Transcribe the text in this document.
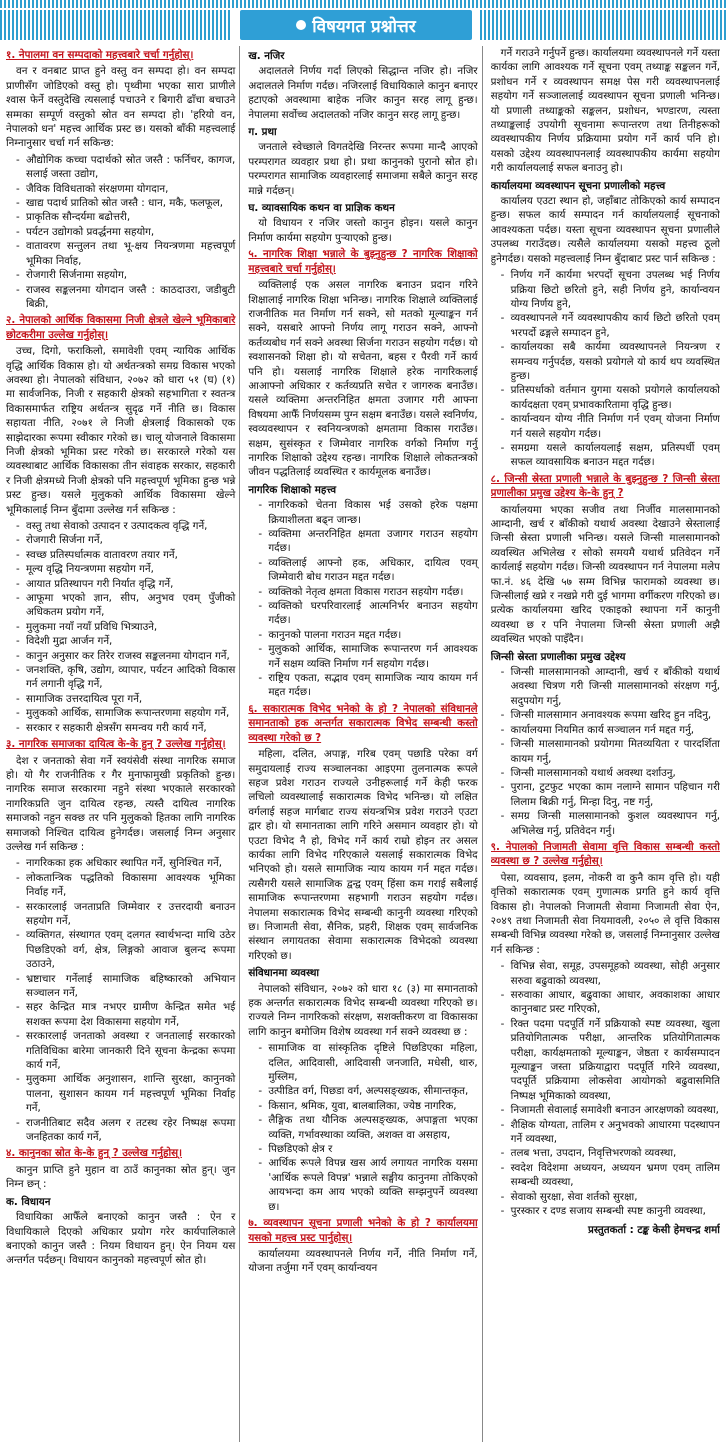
विषयगत प्रश्नोत्तर

१. नेपालमा वन सम्पदाको महत्त्वबारे चर्चा गर्नुहोस्।

वन र वनबाट प्राप्त हुने वस्तु वन सम्पदा हो। वन सम्पदा प्राणीसँग जोडिएको वस्तु हो। पृथ्वीमा भएका सारा प्राणीले श्वास फेर्ने वस्तुदेखि त्यसलाई पचाउने र बिगारी ढाँचा बचाउने सम्मका सम्पूर्ण वस्तुको स्रोत वन सम्पदा हो। 'हरियो वन, नेपालको धन' महत्त्व आर्थिक प्रस्ट छ। यसको बाँकी महत्त्वलाई निम्नानुसार चर्चा गर्न सकिन्छ:

- औद्योगिक कच्चा पदार्थको स्रोत जस्तै : फर्निचर, कागज, सलाई जस्ता उद्योग,
- जैविक विविधताको संरक्षणमा योगदान,
- खाद्य पदार्थ प्रातिको स्रोत जस्तै : धान, मकै, फलफूल,
- प्राकृतिक सौन्दर्यमा बढोत्तरी,
- पर्यटन उद्योगको प्रवर्द्धनमा सहयोग,
- वातावरण सन्तुलन तथा भू-क्षय नियन्त्रणमा महत्त्वपूर्ण भूमिका निर्वाह,
- रोजगारी सिर्जनामा सहयोग,
- राजस्व सङ्कलनमा योगदान जस्तै : काठदाउरा, जडीबुटी बिक्री,

२. नेपालको आर्थिक विकासमा निजी क्षेत्रले खेल्ने भूमिकाबारे छोटकरीमा उल्लेख गर्नुहोस्।

उच्च, दिगो, फराकिलो, समावेशी एवम् न्यायिक आर्थिक वृद्धि आर्थिक विकास हो। यो अर्थतन्त्रको समग्र विकास भएको अवस्था हो। नेपालको संविधान, २०७२ को धारा ५१ (घ) (१) मा सार्वजनिक, निजी र सहकारी क्षेत्रको सहभागिता र स्वतन्त्र विकासमार्फत राष्ट्रिय अर्थतन्त्र सुदृढ गर्ने नीति छ। विकास सहायता नीति, २०७१ ले निजी क्षेत्रलाई विकासको एक साझेदारका रूपमा स्वीकार गरेको छ। चालू योजनाले विकासमा निजी क्षेत्रको भूमिका प्रस्ट गरेको छ। सरकारले गरेको यस व्यवस्थाबाट आर्थिक विकासका तीन संवाहक सरकार, सहकारी र निजी क्षेत्रमध्ये निजी क्षेत्रको पनि महत्त्वपूर्ण भूमिका हुन्छ भन्ने प्रस्ट हुन्छ। यसले मुलुकको आर्थिक विकासमा खेल्ने भूमिकालाई निम्न बुँदामा उल्लेख गर्न सकिन्छ :

- वस्तु तथा सेवाको उत्पादन र उत्पादकत्व वृद्धि गर्ने,
- रोजगारी सिर्जना गर्ने,
- स्वच्छ प्रतिस्पर्धात्मक वातावरण तयार गर्ने,
- मूल्य वृद्धि नियन्त्रणमा सहयोग गर्ने,
- आयात प्रतिस्थापन गरी निर्यात वृद्धि गर्ने,
- आफूमा भएको ज्ञान, सीप, अनुभव एवम् पुँजीको अधिकतम प्रयोग गर्ने,
- मुलुकमा नयाँ नयाँ प्रविधि भित्र्याउने,
- विदेशी मुद्रा आर्जन गर्ने,
- कानुन अनुसार कर तिरेर राजस्व सङ्कलनमा योगदान गर्ने,
- जनशक्ति, कृषि, उद्योग, व्यापार, पर्यटन आदिको विकास गर्न लगानी वृद्धि गर्ने,
- सामाजिक उत्तरदायित्व पूरा गर्ने,
- मुलुकको आर्थिक, सामाजिक रूपान्तरणमा सहयोग गर्ने,
- सरकार र सहकारी क्षेत्रसँग समन्वय गरी कार्य गर्ने,

३. नागरिक समाजका दायित्व के-के हुन् ? उल्लेख गर्नुहोस्।

देश र जनताको सेवा गर्ने स्वयंसेवी संस्था नागरिक समाज हो। यो गैर राजनीतिक र गैर मुनाफामुखी प्रकृतिको हुन्छ। नागरिक समाज सरकारमा नहुने संस्था भएकाले सरकारको नागरिकप्रति जुन दायित्व रहन्छ, त्यस्तै दायित्व नागरिक समाजको नहुन सक्छ तर पनि मुलुकको हितका लागि नागरिक समाजको निश्चित दायित्व हुनेगर्दछ। जसलाई निम्न अनुसार उल्लेख गर्न सकिन्छ :

- नागरिकका हक अधिकार स्थापित गर्ने, सुनिश्चित गर्ने,
- लोकतान्त्रिक पद्धतिको विकासमा आवश्यक भूमिका निर्वाह गर्ने,
- सरकारलाई जनताप्रति जिम्मेवार र उत्तरदायी बनाउन सहयोग गर्ने,
- व्यक्तिगत, संस्थागत एवम् दलगत स्वार्थभन्दा माथि उठेर पिछडिएको वर्ग, क्षेत्र, लिङ्गको आवाज बुलन्द रूपमा उठाउने,
- भ्रष्टाचार गर्नेलाई सामाजिक बहिष्कारको अभियान सञ्चालन गर्ने,
- सहर केन्द्रित मात्र नभएर ग्रामीण केन्द्रित समेत भई सशक्त रूपमा देश विकासमा सहयोग गर्ने,
- सरकारलाई जनताको अवस्था र जनतालाई सरकारको गतिविधिका बारेमा जानकारी दिने सूचना केन्द्रका रूपमा कार्य गर्ने,
- मुलुकमा आर्थिक अनुशासन, शान्ति सुरक्षा, कानुनको पालना, सुशासन कायम गर्न महत्त्वपूर्ण भूमिका निर्वाह गर्ने,
- राजनीतिबाट सदैव अलग र तटस्थ रहेर निष्पक्ष रूपमा जनहितका कार्य गर्ने,

४. कानुनका स्रोत के-के हुन् ? उल्लेख गर्नुहोस्।

कानुन प्राप्ति हुने मुहान वा ठाउँ कानुनका स्रोत हुन्। जुन निम्न छन् :

क. विधायन

विधायिका आफैँले बनाएको कानुन जस्तै : ऐन र विधायिकाले दिएको अधिकार प्रयोग गरेर कार्यपालिकाले बनाएको कानुन जस्तै : नियम विधायन हुन्। ऐन नियम यस अन्तर्गत पर्दछन्। विधायन कानुनको महत्त्वपूर्ण स्रोत हो।

ख. नजिर

अदालतले निर्णय गर्दा लिएको सिद्धान्त नजिर हो। नजिर अदालतले निर्माण गर्दछ। नजिरलाई विधायिकाले कानुन बनाएर हटाएको अवस्थामा बाहेक नजिर कानुन सरह लागू हुन्छ। नेपालमा सर्वोच्च अदालतको नजिर कानुन सरह लागू हुन्छ।

ग. प्रथा

जनताले स्वेच्छाले विगतदेखि निरन्तर रूपमा मान्दै आएको परम्परागत व्यवहार प्रथा हो। प्रथा कानुनको पुरानो स्रोत हो। परम्परागत सामाजिक व्यवहारलाई समाजमा सबैले कानुन सरह मान्ने गर्दछन्।

घ. व्यावसायिक कथन वा प्राज्ञिक कथन

यो विधायन र नजिर जस्तो कानुन होइन। यसले कानुन निर्माण कार्यमा सहयोग पुऱ्याएको हुन्छ।

५. नागरिक शिक्षा भन्नाले के बुझ्नुहुन्छ ? नागरिक शिक्षाको महत्त्वबारे चर्चा गर्नुहोस्।

व्यक्तिलाई एक असल नागरिक बनाउन प्रदान गरिने शिक्षालाई नागरिक शिक्षा भनिन्छ। नागरिक शिक्षाले व्यक्तिलाई राजनीतिक मत निर्माण गर्न सक्ने, सो मतको मूल्याङ्कन गर्न सक्ने, यसबारे आफ्नो निर्णय लागू गराउन सक्ने, आफ्नो कर्तव्यबोध गर्न सक्ने अवस्था सिर्जना गराउन सहयोग गर्दछ। यो स्वशासनको शिक्षा हो। यो सचेतना, बहस र पैरवी गर्ने कार्य पनि हो। यसलाई नागरिक शिक्षाले हरेक नागरिकलाई आआफ्नो अधिकार र कर्तव्यप्रति सचेत र जागरुक बनाउँछ। यसले व्यक्तिमा अन्तरनिहित क्षमता उजागर गरी आफ्ना विषयमा आफैँ निर्णयसम्म पुग्न सक्षम बनाउँछ। यसले स्वनिर्णय, स्वव्यवस्थापन र स्वनियन्त्रणको क्षमतामा विकास गराउँछ। सक्षम, सुसंस्कृत र जिम्मेवार नागरिक वर्गको निर्माण गर्नु नागरिक शिक्षाको उद्देश्य रहन्छ। नागरिक शिक्षाले लोकतन्त्रको जीवन पद्धतिलाई व्यवस्थित र कार्यमूलक बनाउँछ।

नागरिक शिक्षाको महत्त्व

- नागरिकको चेतना विकास भई उसको हरेक पक्षमा क्रियाशीलता बढ्न जान्छ।
- व्यक्तिमा अन्तरनिहित क्षमता उजागर गराउन सहयोग गर्दछ।
- व्यक्तिलाई आफ्नो हक, अधिकार, दायित्व एवम् जिम्मेवारी बोध गराउन मद्दत गर्दछ।
- व्यक्तिको नेतृत्व क्षमता विकास गराउन सहयोग गर्दछ।
- व्यक्तिको घरपरिवारलाई आत्मनिर्भर बनाउन सहयोग गर्दछ।
- कानुनको पालना गराउन मद्दत गर्दछ।
- मुलुकको आर्थिक, सामाजिक रूपान्तरण गर्न आवश्यक गर्ने सक्षम व्यक्ति निर्माण गर्न सहयोग गर्दछ।
- राष्ट्रिय एकता, सद्भाव एवम् सामाजिक न्याय कायम गर्न मद्दत गर्दछ।

६. सकारात्मक विभेद भनेको के हो ? नेपालको संविधानले समानताको हक अन्तर्गत सकारात्मक विभेद सम्बन्धी कस्तो व्यवस्था गरेको छ ?

महिला, दलित, अपाङ्ग, गरिब एवम् पछाडि परेका वर्ग समुदायलाई राज्य सञ्चालनका आइएमा तुलनात्मक रूपले सहज प्रवेश गराउन राज्यले उनीहरूलाई गर्ने केही फरक लचिलो व्यवस्थालाई सकारात्मक विभेद भनिन्छ। यो लक्षित वर्गलाई सहज मार्गबाट राज्य संयन्त्रभित्र प्रवेश गराउने एउटा द्वार हो। यो समानताका लागि गरिने असमान व्यवहार हो। यो एउटा विभेद नै हो, विभेद गर्ने कार्य राम्रो होइन तर असल कार्यका लागि विभेद गरिएकाले यसलाई सकारात्मक विभेद भनिएको हो। यसले सामाजिक न्याय कायम गर्न मद्दत गर्दछ। त्यसैगरी यसले सामाजिक द्वन्द्व एवम् हिंसा कम गराई सबैलाई सामाजिक रूपान्तरणमा सहभागी गराउन सहयोग गर्दछ। नेपालमा सकारात्मक विभेद सम्बन्धी कानुनी व्यवस्था गरिएको छ। निजामती सेवा, सैनिक, प्रहरी, शिक्षक एवम् सार्वजनिक संस्थान लगायतका सेवामा सकारात्मक विभेदको व्यवस्था गरिएको छ।

संविधानमा व्यवस्था

नेपालको संविधान, २०७२ को धारा १८ (३) मा समानताको हक अन्तर्गत सकारात्मक विभेद सम्बन्धी व्यवस्था गरिएको छ। राज्यले निम्न नागरिकको संरक्षण, सशक्तीकरण वा विकासका लागि कानुन बमोजिम विशेष व्यवस्था गर्न सक्ने व्यवस्था छ :

- सामाजिक वा सांस्कृतिक दृष्टिले पिछडिएका महिला, दलित, आदिवासी, आदिवासी जनजाति, मधेसी, थारु, मुस्लिम,
- उत्पीडित वर्ग, पिछडा वर्ग, अल्पसङ्ख्यक, सीमान्तकृत,
- किसान, श्रमिक, युवा, बालबालिका, ज्येष्ठ नागरिक,
- लैङ्गिक तथा यौनिक अल्पसङ्ख्यक, अपाङ्गता भएका व्यक्ति, गर्भावस्थाका व्यक्ति, अशक्त वा असहाय,
- पिछडिएको क्षेत्र र
- आर्थिक रूपले विपन्न खस आर्य लगायत नागरिक यसमा 'आर्थिक रूपले विपन्न' भन्नाले सङ्घीय कानुनमा तोकिएको आयभन्दा कम आय भएको व्यक्ति सम्झनुपर्ने व्यवस्था छ।

७. व्यवस्थापन सूचना प्रणाली भनेको के हो ? कार्यालयमा यसको महत्त्व प्रस्ट पार्नुहोस्।

कार्यालयमा व्यवस्थापनले निर्णय गर्ने, नीति निर्माण गर्ने, योजना तर्जुमा गर्ने एवम् कार्यान्वयन

गर्ने गराउने गर्नुपर्ने हुन्छ। कार्यालयमा व्यवस्थापनले गर्ने यस्ता कार्यका लागि आवश्यक गर्ने सूचना एवम् तथ्याङ्क सङ्कलन गर्ने, प्रशोधन गर्ने र व्यवस्थापन समक्ष पेस गरी व्यवस्थापनलाई सहयोग गर्ने सञ्जाललाई व्यवस्थापन सूचना प्रणाली भनिन्छ। यो प्रणाली तथ्याङ्कको सङ्कलन, प्रशोधन, भण्डारण, त्यस्ता तथ्याङ्कलाई उपयोगी सूचनामा रूपान्तरण तथा तिनीहरूको व्यवस्थापकीय निर्णय प्रक्रियामा प्रयोग गर्ने कार्य पनि हो। यसको उद्देश्य व्यवस्थापनलाई व्यवस्थापकीय कार्यमा सहयोग गरी कार्यालयलाई सफल बनाउनु हो।

कार्यालयमा व्यवस्थापन सूचना प्रणालीको महत्त्व

कार्यालय एउटा स्थान हो, जहाँबाट तोकिएको कार्य सम्पादन हुन्छ। सफल कार्य सम्पादन गर्न कार्यालयलाई सूचनाको आवश्यकता पर्दछ। यस्ता सूचना व्यवस्थापन सूचना प्रणालीले उपलब्ध गराउँदछ। त्यसैले कार्यालयमा यसको महत्त्व ठूलो हुनेगर्दछ। यसको महत्त्वलाई निम्न बुँदाबाट प्रस्ट पार्न सकिन्छ :

- निर्णय गर्ने कार्यमा भरपर्दो सूचना उपलब्ध भई निर्णय प्रक्रिया छिटो छरितो हुने, सही निर्णय हुने, कार्यान्वयन योग्य निर्णय हुने,
- व्यवस्थापनले गर्ने व्यवस्थापकीय कार्य छिटो छरितो एवम् भरपर्दो ढङ्गले सम्पादन हुने,
- कार्यालयका सबै कार्यमा व्यवस्थापनले नियन्त्रण र समन्वय गर्नुपर्दछ, यसको प्रयोगले यो कार्य थप व्यवस्थित हुन्छ।
- प्रतिस्पर्धाको वर्तमान युगमा यसको प्रयोगले कार्यालयको कार्यदक्षता एवम् प्रभावकारितामा वृद्धि हुन्छ।
- कार्यान्वयन योग्य नीति निर्माण गर्न एवम् योजना निर्माण गर्न यसले सहयोग गर्दछ।
- समग्रमा यसले कार्यालयलाई सक्षम, प्रतिस्पर्धी एवम् सफल व्यावसायिक बनाउन मद्दत गर्दछ।

८. जिन्सी स्रेस्ता प्रणाली भन्नाले के बुझ्नुहुन्छ ? जिन्सी स्रेस्ता प्रणालीका प्रमुख उद्देश्य के-के हुन् ?

कार्यालयमा भएका सजीव तथा निर्जीव मालसामानको आम्दानी, खर्च र बाँकीको यथार्थ अवस्था देखाउने स्रेस्तालाई जिन्सी स्रेस्ता प्रणाली भनिन्छ। यसले जिन्सी मालसामानको व्यवस्थित अभिलेख र सोको समयमै यथार्थ प्रतिवेदन गर्ने कार्यलाई सहयोग गर्दछ। जिन्सी व्यवस्थापन गर्न नेपालमा मलेप फा.नं. ४६ देखि ५७ सम्म विभिन्न फारामको व्यवस्था छ। जिन्सीलाई खप्ने र नखप्ने गरी दुई भागमा वर्गीकरण गरिएको छ। प्रत्येक कार्यालयमा खरिद एकाइको स्थापना गर्ने कानुनी व्यवस्था छ र पनि नेपालमा जिन्सी स्रेस्ता प्रणाली अझै व्यवस्थित भएको पाइँदैन।

जिन्सी स्रेस्ता प्रणालीका प्रमुख उद्देश्य

- जिन्सी मालसामानको आम्दानी, खर्च र बाँकीको यथार्थ अवस्था चित्रण गरी जिन्सी मालसामानको संरक्षण गर्नु, सदुपयोग गर्नु,
- जिन्सी मालसामान अनावश्यक रूपमा खरिद हुन नदिनु,
- कार्यालयमा नियमित कार्य सञ्चालन गर्न मद्दत गर्नु,
- जिन्सी मालसामानको प्रयोगमा मितव्ययिता र पारदर्शिता कायम गर्नु,
- जिन्सी मालसामानको यथार्थ अवस्था दर्शाउनु,
- पुराना, टुटफुट भएका काम नलाग्ने सामान पहिचान गरी लिलाम बिक्री गर्नु, मिन्हा दिनु, नष्ट गर्नु,
- समग्र जिन्सी मालसामानको कुशल व्यवस्थापन गर्नु, अभिलेख गर्नु, प्रतिवेदन गर्नु।

९. नेपालको निजामती सेवामा वृत्ति विकास सम्बन्धी कस्तो व्यवस्था छ ? उल्लेख गर्नुहोस्।

पेसा, व्यवसाय, इलम, नोकरी वा कुनै काम वृत्ति हो। यही वृत्तिको सकारात्मक एवम् गुणात्मक प्रगति हुने कार्य वृत्ति विकास हो। नेपालको निजामती सेवामा निजामती सेवा ऐन, २०४९ तथा निजामती सेवा नियमावली, २०५० ले वृत्ति विकास सम्बन्धी विभिन्न व्यवस्था गरेको छ, जसलाई निम्नानुसार उल्लेख गर्न सकिन्छ :

- विभिन्न सेवा, समूह, उपसमूहको व्यवस्था, सोही अनुसार सरुवा बढुवाको व्यवस्था,
- सरुवाका आधार, बढुवाका आधार, अवकाशका आधार कानुनबाट प्रस्ट गरिएको,
- रिक्त पदमा पदपूर्ति गर्ने प्रक्रियाको स्पष्ट व्यवस्था, खुला प्रतियोगितात्मक परीक्षा, आन्तरिक प्रतियोगितात्मक परीक्षा, कार्यक्षमताको मूल्याङ्कन, जेष्ठता र कार्यसम्पादन मूल्याङ्कन जस्ता प्रक्रियाद्वारा पदपूर्ति गरिने व्यवस्था, पदपूर्ति प्रक्रियामा लोकसेवा आयोगको बढुवासमिति निष्पक्ष भूमिकाको व्यवस्था,
- निजामती सेवालाई समावेशी बनाउन आरक्षणको व्यवस्था,
- शैक्षिक योग्यता, तालिम र अनुभवको आधारमा पदस्थापन गर्ने व्यवस्था,
- तलब भत्ता, उपदान, निवृत्तिभरणको व्यवस्था,
- स्वदेश विदेशमा अध्ययन, अध्ययन भ्रमण एवम् तालिम सम्बन्धी व्यवस्था,
- सेवाको सुरक्षा, सेवा शर्तको सुरक्षा,
- पुरस्कार र दण्ड सजाय सम्बन्धी स्पष्ट कानुनी व्यवस्था,

प्रस्तुतकर्ता : टङ्क केसी हेमचन्द्र शर्मा
